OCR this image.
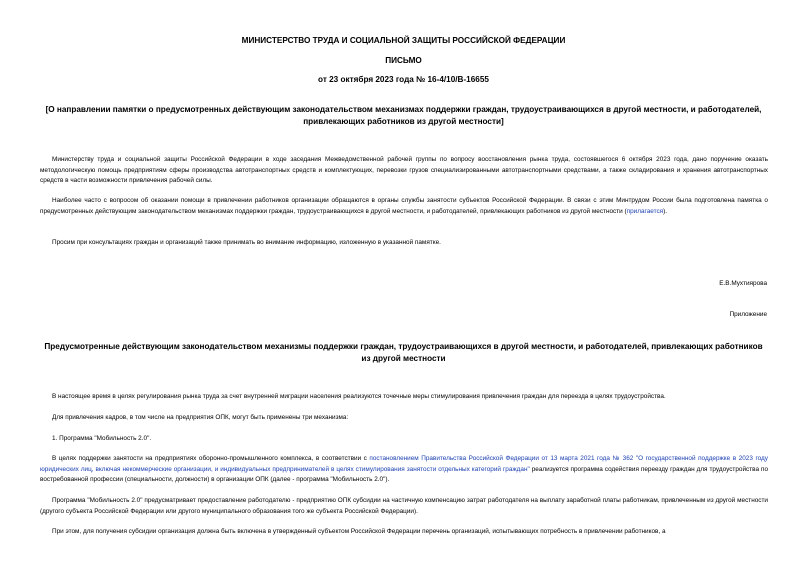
МИНИСТЕРСТВО ТРУДА И СОЦИАЛЬНОЙ ЗАЩИТЫ РОССИЙСКОЙ ФЕДЕРАЦИИ
ПИСЬМО
от 23 октября 2023 года № 16-4/10/В-16655
[О направлении памятки о предусмотренных действующим законодательством механизмах поддержки граждан, трудоустраивающихся в другой местности, и работодателей, привлекающих работников из другой местности]
Министерству труда и социальной защиты Российской Федерации в ходе заседания Межведомственной рабочей группы по вопросу восстановления рынка труда, состоявшегося 6 октября 2023 года, дано поручение оказать методологическую помощь предприятиям сферы производства автотранспортных средств и комплектующих, перевозки грузов специализированными автотранспортными средствами, а также складирования и хранения автотранспортных средств в части возможности привлечения рабочей силы.
Наиболее часто с вопросом об оказании помощи в привлечении работников организации обращаются в органы службы занятости субъектов Российской Федерации. В связи с этим Минтрудом России была подготовлена памятка о предусмотренных действующим законодательством механизмах поддержки граждан, трудоустраивающихся в другой местности, и работодателей, привлекающих работников из другой местности (прилагается).
Просим при консультациях граждан и организаций также принимать во внимание информацию, изложенную в указанной памятке.
Е.В.Мухтиярова
Приложение
Предусмотренные действующим законодательством механизмы поддержки граждан, трудоустраивающихся в другой местности, и работодателей, привлекающих работников из другой местности
В настоящее время в целях регулирования рынка труда за счет внутренней миграции населения реализуются точечные меры стимулирования привлечения граждан для переезда в целях трудоустройства.
Для привлечения кадров, в том числе на предприятия ОПК, могут быть применены три механизма:
1. Программа "Мобильность 2.0".
В целях поддержки занятости на предприятиях оборонно-промышленного комплекса, в соответствии с постановлением Правительства Российской Федерации от 13 марта 2021 года № 362 "О государственной поддержке в 2023 году юридических лиц, включая некоммерческие организации, и индивидуальных предпринимателей в целях стимулирования занятости отдельных категорий граждан" реализуется программа содействия переезду граждан для трудоустройства по востребованной профессии (специальности, должности) в организации ОПК (далее - программа "Мобильность 2.0").
Программа "Мобильность 2.0" предусматривает предоставление работодателю - предприятию ОПК субсидии на частичную компенсацию затрат работодателя на выплату заработной платы работникам, привлеченным из другой местности (другого субъекта Российской Федерации или другого муниципального образования того же субъекта Российской Федерации).
При этом, для получения субсидии организация должна быть включена в утвержденный субъектом Российской Федерации перечень организаций, испытывающих потребность в привлечении работников, а
